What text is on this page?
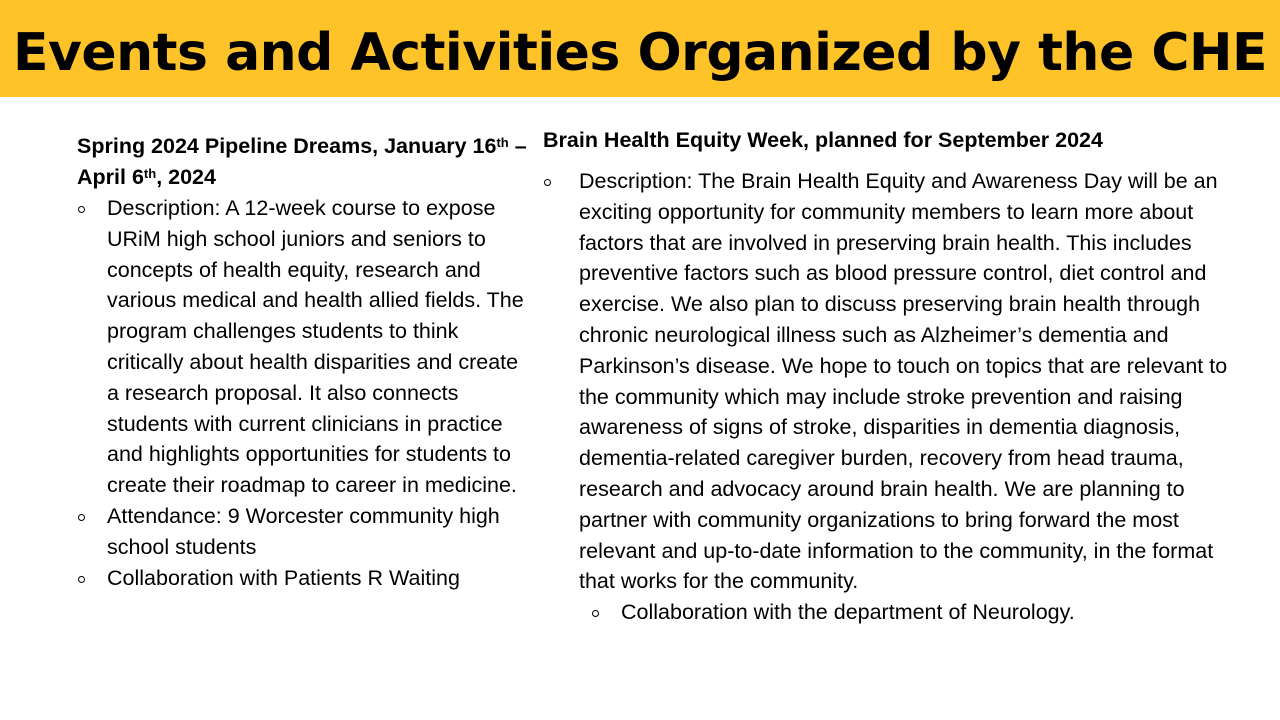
Events and Activities Organized by the CHE

Spring 2024 Pipeline Dreams, January 16th – April 6th, 2024

Description: A 12-week course to expose URiM high school juniors and seniors to concepts of health equity, research and various medical and health allied fields. The program challenges students to think critically about health disparities and create a research proposal. It also connects students with current clinicians in practice and highlights opportunities for students to create their roadmap to career in medicine.
Attendance: 9 Worcester community high school students
Collaboration with Patients R Waiting

Brain Health Equity Week, planned for September 2024

Description: The Brain Health Equity and Awareness Day will be an exciting opportunity for community members to learn more about factors that are involved in preserving brain health. This includes preventive factors such as blood pressure control, diet control and exercise. We also plan to discuss preserving brain health through chronic neurological illness such as Alzheimer’s dementia and Parkinson’s disease. We hope to touch on topics that are relevant to the community which may include stroke prevention and raising awareness of signs of stroke, disparities in dementia diagnosis, dementia-related caregiver burden, recovery from head trauma, research and advocacy around brain health. We are planning to partner with community organizations to bring forward the most relevant and up-to-date information to the community, in the format that works for the community.
Collaboration with the department of Neurology.
